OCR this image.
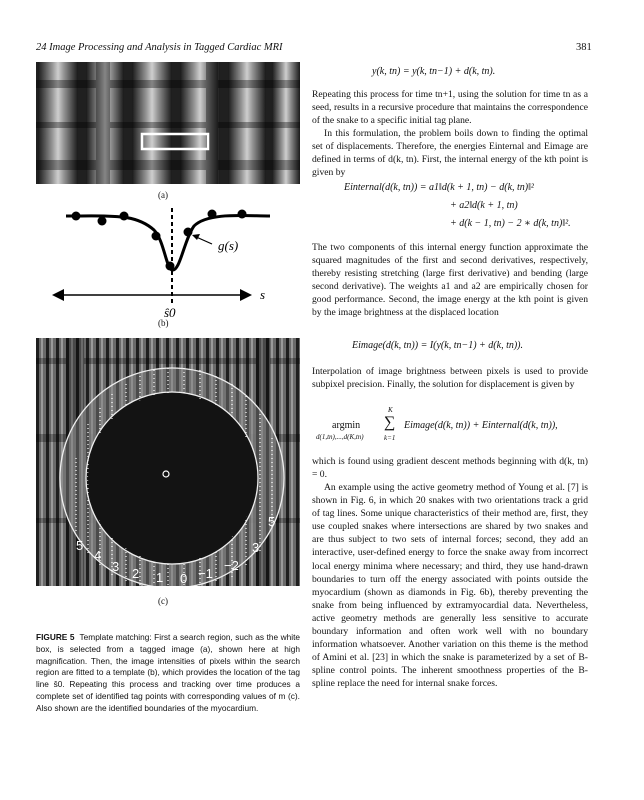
24 Image Processing and Analysis in Tagged Cardiac MRI	381
(a)
g(s)
s
ŝ0
(b)
5
4
3 2 1 0 −1
−2
3
5
(c)
FIGURE 5 Template matching: First a search region, such as the white box, is selected from a tagged image (a), shown here at high magnification. Then, the image intensities of pixels within the search region are fitted to a template (b), which provides the location of the tag line ŝ0. Repeating this process and tracking over time produces a complete set of identified tag points with corresponding values of m (c). Also shown are the identified boundaries of the myocardium.
y(k, tn) = y(k, tn−1) + d(k, tn).

Repeating this process for time tn+1, using the solution for time tn as a seed, results in a recursive procedure that maintains the correspondence of the snake to a specific initial tag plane.

In this formulation, the problem boils down to finding the optimal set of displacements. Therefore, the energies Einternal and Eimage are defined in terms of d(k, tn). First, the internal energy of the kth point is given by

Einternal(d(k, tn)) = a1‖d(k + 1, tn) − d(k, tn)‖²
+ a2‖d(k + 1, tn)
+ d(k − 1, tn) − 2 ∗ d(k, tn)‖².

The two components of this internal energy function approximate the squared magnitudes of the first and second derivatives, respectively, thereby resisting stretching (large first derivative) and bending (large second derivative). The weights a1 and a2 are empirically chosen for good performance. Second, the image energy at the kth point is given by the image brightness at the displaced location

Eimage(d(k, tn)) = I(y(k, tn−1) + d(k, tn)).

Interpolation of image brightness between pixels is used to provide subpixel precision. Finally, the solution for displacement is given by

argmin
d(1,tn),...,d(K,tn)
K
∑
k=1
Eimage(d(k, tn)) + Einternal(d(k, tn)),

which is found using gradient descent methods beginning with d(k, tn) = 0.

An example using the active geometry method of Young et al. [7] is shown in Fig. 6, in which 20 snakes with two orientations track a grid of tag lines. Some unique characteristics of their method are, first, they use coupled snakes where intersections are shared by two snakes and are thus subject to two sets of internal forces; second, they add an interactive, user-defined energy to force the snake away from incorrect local energy minima where necessary; and third, they use hand-drawn boundaries to turn off the energy associated with points outside the myocardium (shown as diamonds in Fig. 6b), thereby preventing the snake from being influenced by extramyocardial data. Nevertheless, active geometry methods are generally less sensitive to accurate boundary information and often work well with no boundary information whatsoever. Another variation on this theme is the method of Amini et al. [23] in which the snake is parameterized by a set of B-spline control points. The inherent smoothness properties of the B-spline replace the need for internal snake forces.
